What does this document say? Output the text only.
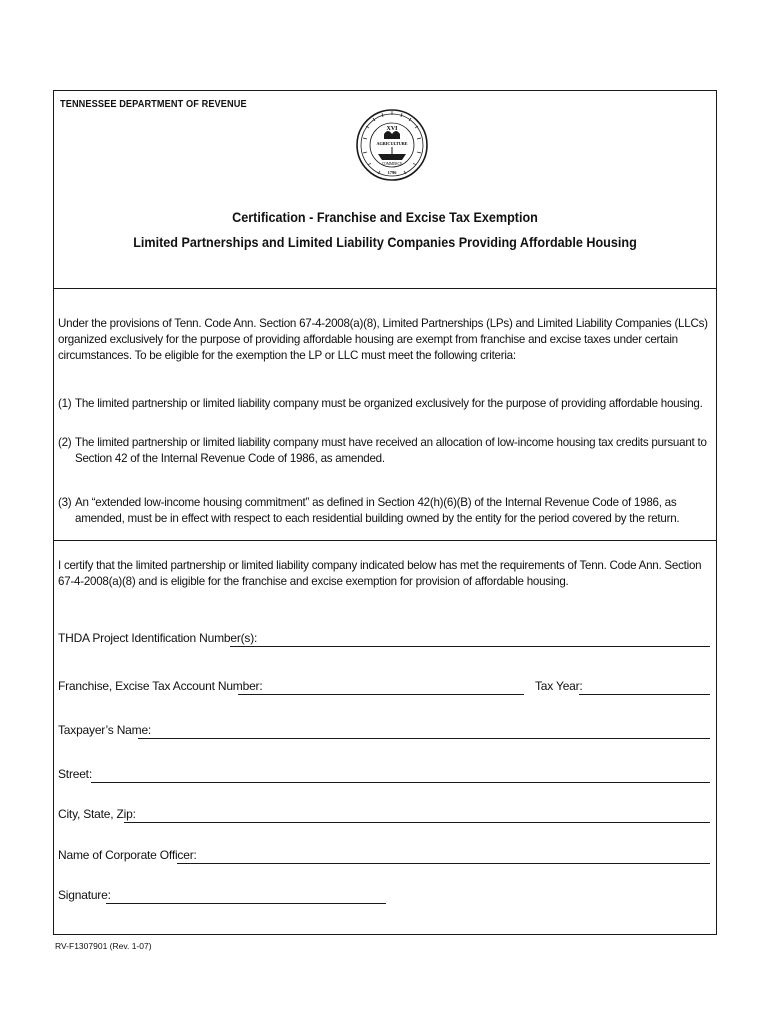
TENNESSEE DEPARTMENT OF REVENUE
XVI
AGRICULTURE
COMMERCE
1796
Certification - Franchise and Excise Tax Exemption
Limited Partnerships and Limited Liability Companies Providing Affordable Housing
Under the provisions of Tenn. Code Ann. Section 67-4-2008(a)(8), Limited Partnerships (LPs) and Limited Liability Companies (LLCs) organized exclusively for the purpose of providing affordable housing are exempt from franchise and excise taxes under certain circumstances. To be eligible for the exemption the LP or LLC must meet the following criteria:
(1) The limited partnership or limited liability company must be organized exclusively for the purpose of providing affordable housing.
(2) The limited partnership or limited liability company must have received an allocation of low-income housing tax credits pursuant to Section 42 of the Internal Revenue Code of 1986, as amended.
(3) An “extended low-income housing commitment” as defined in Section 42(h)(6)(B) of the Internal Revenue Code of 1986, as amended, must be in effect with respect to each residential building owned by the entity for the period covered by the return.
I certify that the limited partnership or limited liability company indicated below has met the requirements of Tenn. Code Ann. Section 67-4-2008(a)(8) and is eligible for the franchise and excise exemption for provision of affordable housing.
THDA Project Identification Number(s):
Franchise, Excise Tax Account Number:	Tax Year:
Taxpayer’s Name:
Street:
City, State, Zip:
Name of Corporate Officer:
Signature:
RV-F1307901 (Rev. 1-07)
